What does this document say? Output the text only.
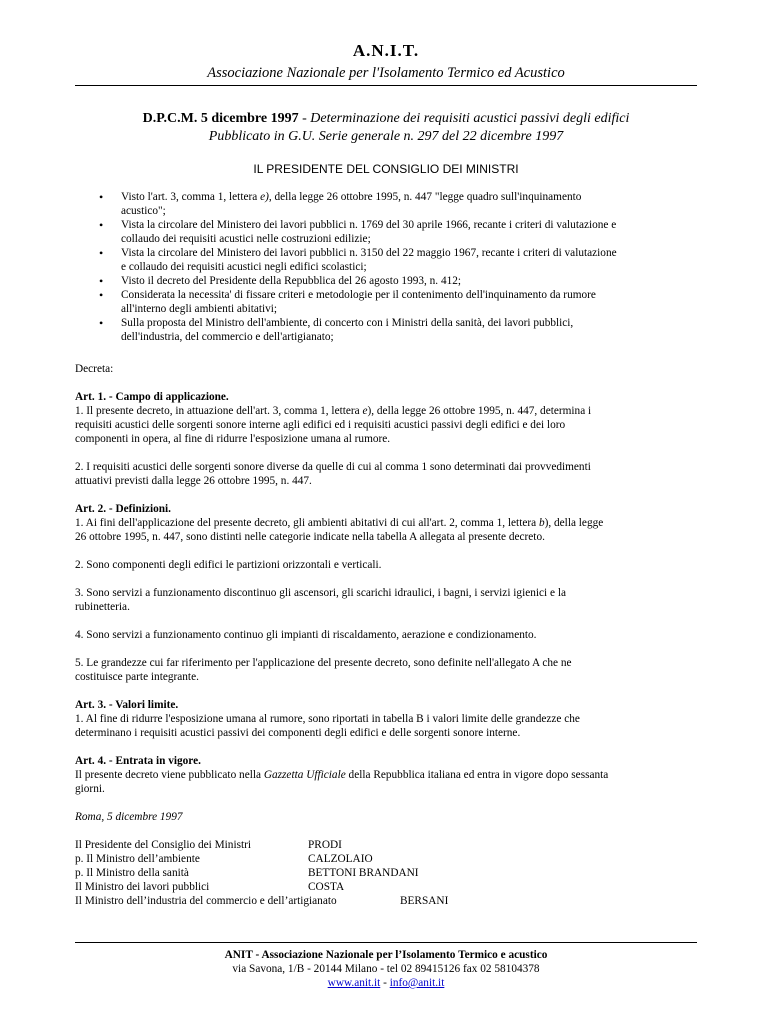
A.N.I.T.
Associazione Nazionale per l'Isolamento Termico ed Acustico
D.P.C.M. 5 dicembre 1997 - Determinazione dei requisiti acustici passivi degli edifici
Pubblicato in G.U. Serie generale n. 297 del 22 dicembre 1997
IL PRESIDENTE DEL CONSIGLIO DEI MINISTRI
• Visto l'art. 3, comma 1, lettera e), della legge 26 ottobre 1995, n. 447 "legge quadro sull'inquinamento
acustico";
• Vista la circolare del Ministero dei lavori pubblici n. 1769 del 30 aprile 1966, recante i criteri di valutazione e
collaudo dei requisiti acustici nelle costruzioni edilizie;
• Vista la circolare del Ministero dei lavori pubblici n. 3150 del 22 maggio 1967, recante i criteri di valutazione
e collaudo dei requisiti acustici negli edifici scolastici;
• Visto il decreto del Presidente della Repubblica del 26 agosto 1993, n. 412;
• Considerata la necessita' di fissare criteri e metodologie per il contenimento dell'inquinamento da rumore
all'interno degli ambienti abitativi;
• Sulla proposta del Ministro dell'ambiente, di concerto con i Ministri della sanità, dei lavori pubblici,
dell'industria, del commercio e dell'artigianato;
Decreta:
Art. 1. - Campo di applicazione.
1. Il presente decreto, in attuazione dell'art. 3, comma 1, lettera e), della legge 26 ottobre 1995, n. 447, determina i
requisiti acustici delle sorgenti sonore interne agli edifici ed i requisiti acustici passivi degli edifici e dei loro
componenti in opera, al fine di ridurre l'esposizione umana al rumore.
2. I requisiti acustici delle sorgenti sonore diverse da quelle di cui al comma 1 sono determinati dai provvedimenti
attuativi previsti dalla legge 26 ottobre 1995, n. 447.
Art. 2. - Definizioni.
1. Ai fini dell'applicazione del presente decreto, gli ambienti abitativi di cui all'art. 2, comma 1, lettera b), della legge
26 ottobre 1995, n. 447, sono distinti nelle categorie indicate nella tabella A allegata al presente decreto.
2. Sono componenti degli edifici le partizioni orizzontali e verticali.
3. Sono servizi a funzionamento discontinuo gli ascensori, gli scarichi idraulici, i bagni, i servizi igienici e la
rubinetteria.
4. Sono servizi a funzionamento continuo gli impianti di riscaldamento, aerazione e condizionamento.
5. Le grandezze cui far riferimento per l'applicazione del presente decreto, sono definite nell'allegato A che ne
costituisce parte integrante.
Art. 3. - Valori limite.
1. Al fine di ridurre l'esposizione umana al rumore, sono riportati in tabella B i valori limite delle grandezze che
determinano i requisiti acustici passivi dei componenti degli edifici e delle sorgenti sonore interne.
Art. 4. - Entrata in vigore.
Il presente decreto viene pubblicato nella Gazzetta Ufficiale della Repubblica italiana ed entra in vigore dopo sessanta
giorni.
Roma, 5 dicembre 1997
Il Presidente del Consiglio dei Ministri	PRODI
p. Il Ministro dell’ambiente	CALZOLAIO
p. Il Ministro della sanità	BETTONI BRANDANI
Il Ministro dei lavori pubblici	COSTA
Il Ministro dell’industria del commercio e dell’artigianato	BERSANI
ANIT - Associazione Nazionale per l’Isolamento Termico e acustico
via Savona, 1/B - 20144 Milano - tel 02 89415126 fax 02 58104378
www.anit.it - info@anit.it
